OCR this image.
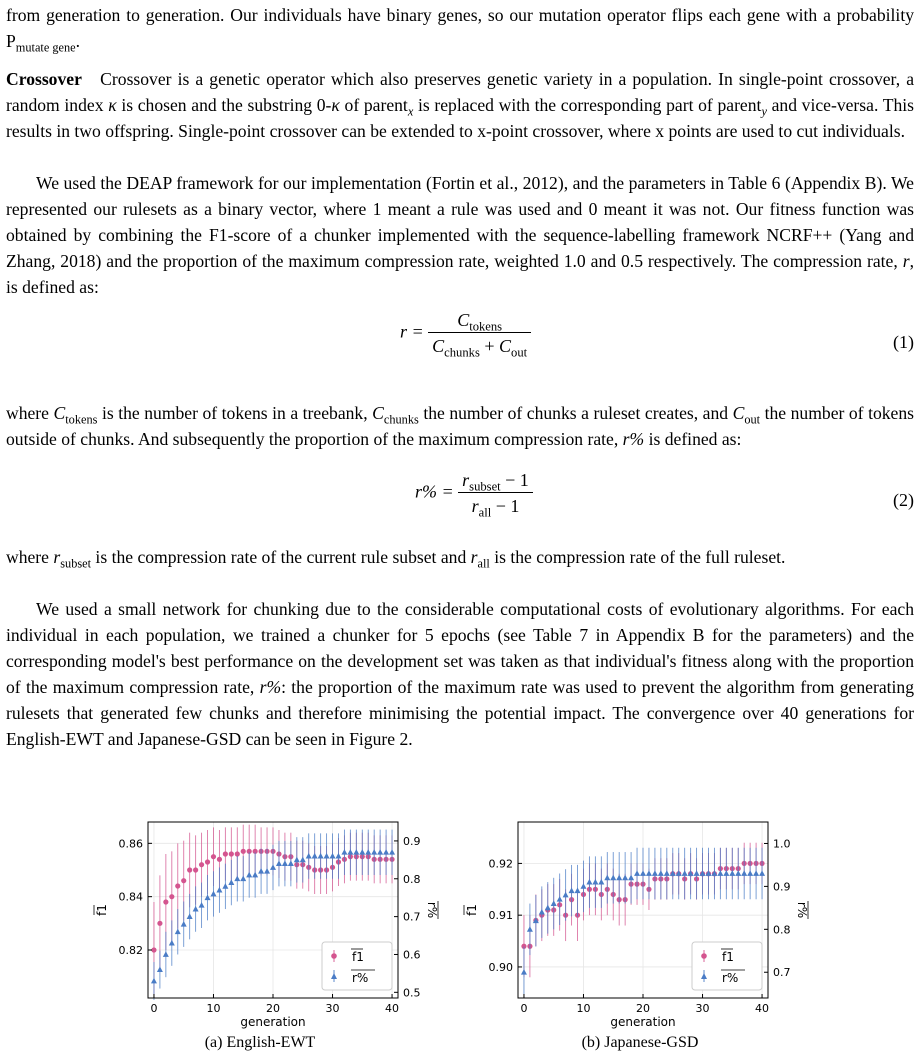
from generation to generation. Our individuals have binary genes, so our mutation operator flips each gene with a probability $P_{mutate gene}$.

Crossover Crossover is a genetic operator which also preserves genetic variety in a population. In single-point crossover, a random index κ is chosen and the substring 0-κ of parent$_x$ is replaced with the corresponding part of parent$_y$ and vice-versa. This results in two offspring. Single-point crossover can be extended to x-point crossover, where x points are used to cut individuals.

We used the DEAP framework for our implementation (Fortin et al., 2012), and the parameters in Table 6 (Appendix B). We represented our rulesets as a binary vector, where 1 meant a rule was used and 0 meant it was not. Our fitness function was obtained by combining the F1-score of a chunker implemented with the sequence-labelling framework NCRF++ (Yang and Zhang, 2018) and the proportion of the maximum compression rate, weighted 1.0 and 0.5 respectively. The compression rate, r, is defined as:

$r = \frac{C_{tokens}}{C_{chunks} + C_{out}}$	(1)

where $C_{tokens}$ is the number of tokens in a treebank, $C_{chunks}$ the number of chunks a ruleset creates, and $C_{out}$ the number of tokens outside of chunks. And subsequently the proportion of the maximum compression rate, r% is defined as:

$r\% = \frac{r_{subset} - 1}{r_{all} - 1}$	(2)

where $r_{subset}$ is the compression rate of the current rule subset and $r_{all}$ is the compression rate of the full ruleset.

We used a small network for chunking due to the considerable computational costs of evolutionary algorithms. For each individual in each population, we trained a chunker for 5 epochs (see Table 7 in Appendix B for the parameters) and the corresponding model's best performance on the development set was taken as that individual's fitness along with the proportion of the maximum compression rate, r%: the proportion of the maximum rate was used to prevent the algorithm from generating rulesets that generated few chunks and therefore minimising the potential impact. The convergence over 40 generations for English-EWT and Japanese-GSD can be seen in Figure 2.

0	10	20	30	40
0.82
0.84
0.86
0.5
0.6
0.7
0.8
0.9
generation
f1	r%
f1
r%
0	10	20	30	40
0.90
0.91
0.92
0.7
0.8
0.9
1.0
generation
f1	r%
f1
r%
(a) English-EWT	(b) Japanese-GSD
